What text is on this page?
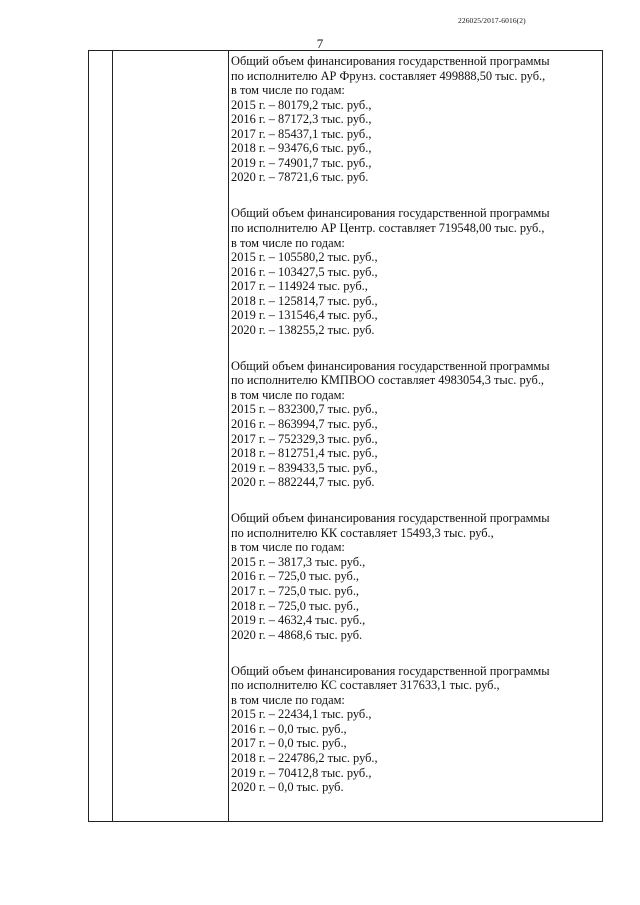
226025/2017-6016(2)
7
Общий объем финансирования государственной программы
по исполнителю АР Фрунз. составляет 499888,50 тыс. руб.,
в том числе по годам:
2015 г. – 80179,2 тыс. руб.,
2016 г. – 87172,3 тыс. руб.,
2017 г. – 85437,1 тыс. руб.,
2018 г. – 93476,6 тыс. руб.,
2019 г. – 74901,7 тыс. руб.,
2020 г. – 78721,6 тыс. руб.
Общий объем финансирования государственной программы
по исполнителю АР Центр. составляет 719548,00 тыс. руб.,
в том числе по годам:
2015 г. – 105580,2 тыс. руб.,
2016 г. – 103427,5 тыс. руб.,
2017 г. – 114924 тыс. руб.,
2018 г. – 125814,7 тыс. руб.,
2019 г. – 131546,4 тыс. руб.,
2020 г. – 138255,2 тыс. руб.
Общий объем финансирования государственной программы
по исполнителю КМПВОО составляет 4983054,3 тыс. руб.,
в том числе по годам:
2015 г. – 832300,7 тыс. руб.,
2016 г. – 863994,7 тыс. руб.,
2017 г. – 752329,3 тыс. руб.,
2018 г. – 812751,4 тыс. руб.,
2019 г. – 839433,5 тыс. руб.,
2020 г. – 882244,7 тыс. руб.
Общий объем финансирования государственной программы
по исполнителю КК составляет 15493,3 тыс. руб.,
в том числе по годам:
2015 г. – 3817,3 тыс. руб.,
2016 г. – 725,0 тыс. руб.,
2017 г. – 725,0 тыс. руб.,
2018 г. – 725,0 тыс. руб.,
2019 г. – 4632,4 тыс. руб.,
2020 г. – 4868,6 тыс. руб.
Общий объем финансирования государственной программы
по исполнителю КС составляет 317633,1 тыс. руб.,
в том числе по годам:
2015 г. – 22434,1 тыс. руб.,
2016 г. – 0,0 тыс. руб.,
2017 г. – 0,0 тыс. руб.,
2018 г. – 224786,2 тыс. руб.,
2019 г. – 70412,8 тыс. руб.,
2020 г. – 0,0 тыс. руб.
